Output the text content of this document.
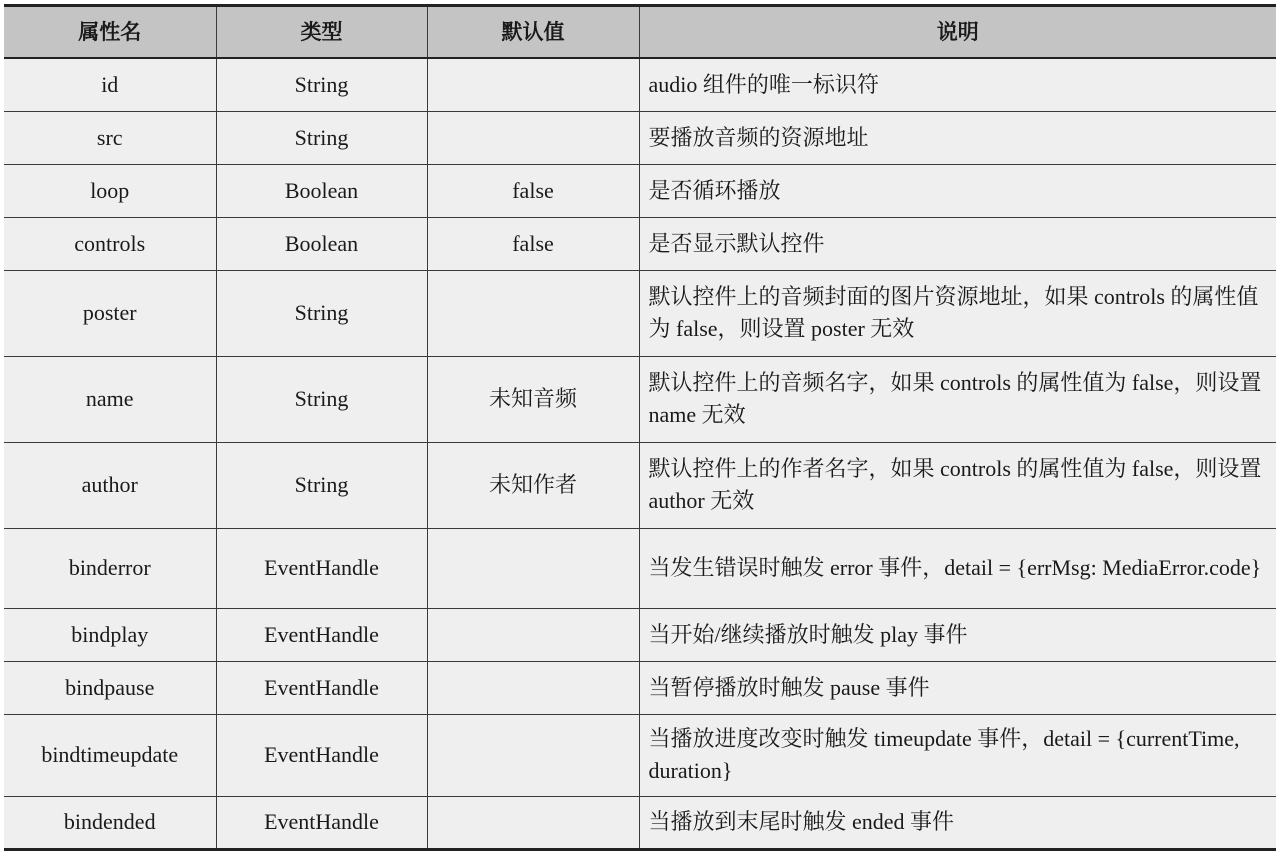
属性名	类型	默认值	说明
id	String		audio 组件的唯一标识符
src	String		要播放音频的资源地址
loop	Boolean	false	是否循环播放
controls	Boolean	false	是否显示默认控件
poster	String		默认控件上的音频封面的图片资源地址，如果 controls 的属性值为 false，则设置 poster 无效
name	String	未知音频	默认控件上的音频名字，如果 controls 的属性值为 false，则设置 name 无效
author	String	未知作者	默认控件上的作者名字，如果 controls 的属性值为 false，则设置 author 无效
binderror	EventHandle		当发生错误时触发 error 事件，detail = {errMsg: MediaError.code}
bindplay	EventHandle		当开始/继续播放时触发 play 事件
bindpause	EventHandle		当暂停播放时触发 pause 事件
bindtimeupdate	EventHandle		当播放进度改变时触发 timeupdate 事件，detail = {currentTime, duration}
bindended	EventHandle		当播放到末尾时触发 ended 事件
